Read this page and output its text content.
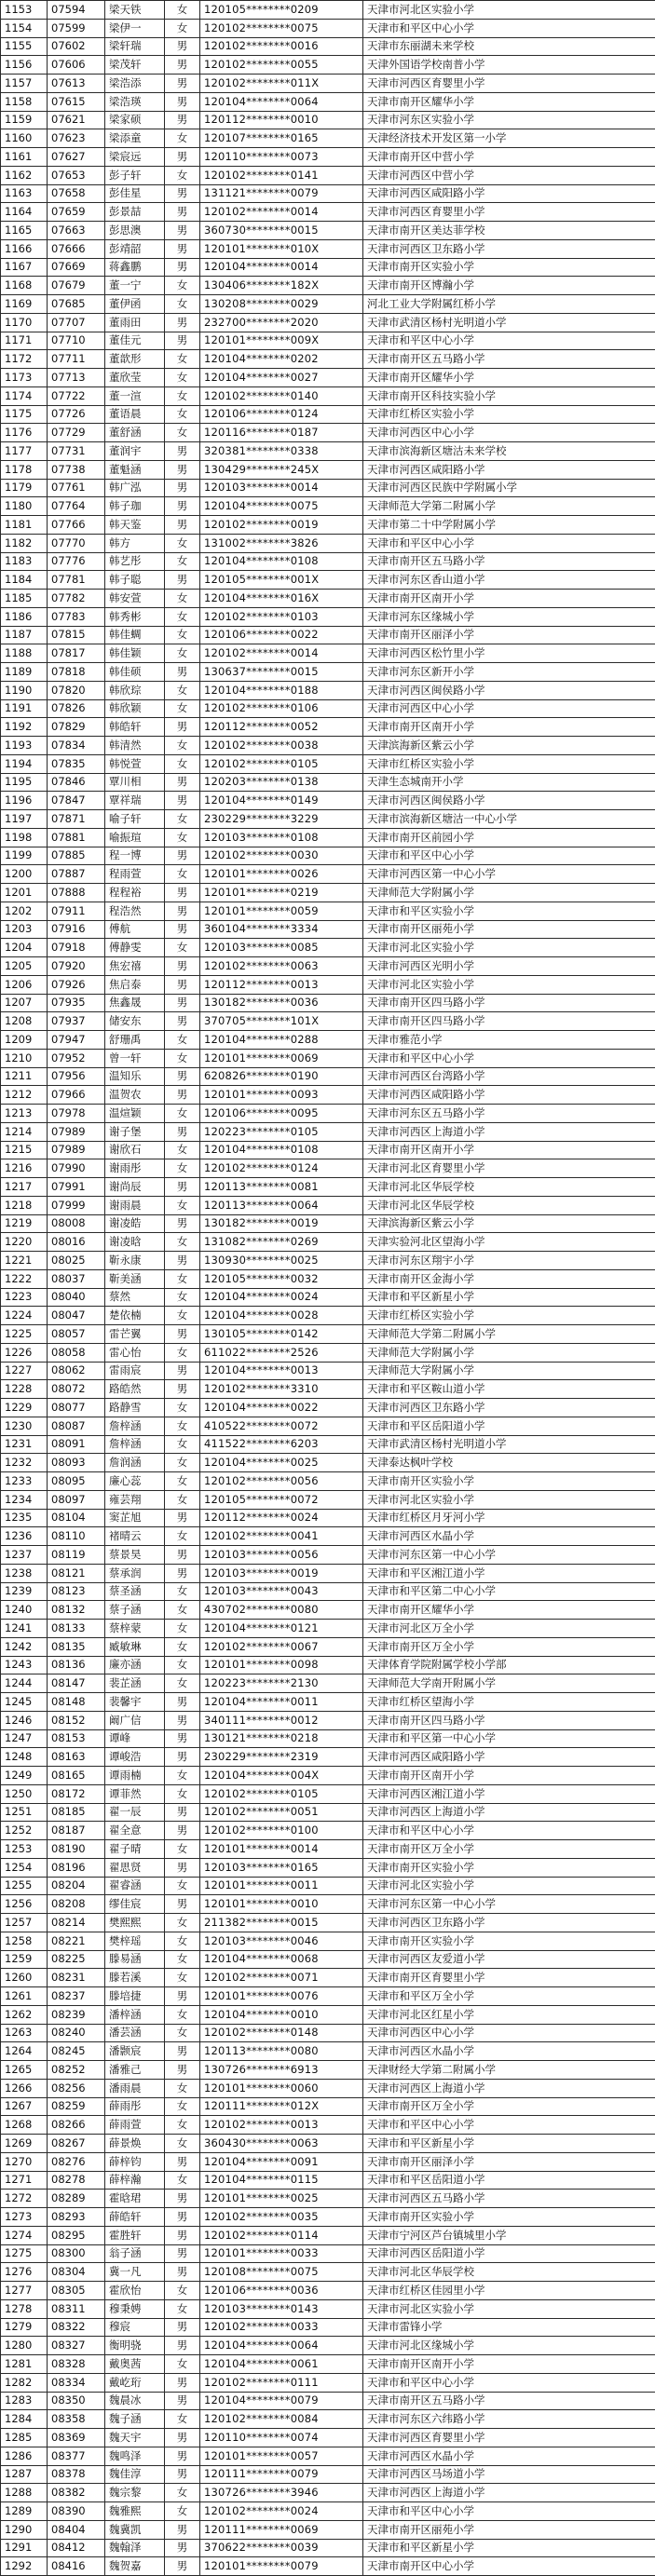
1153	07594	梁天铁	女	120105********0209	天津市河北区实验小学
1154	07599	梁伊一	女	120102********0075	天津市和平区中心小学
1155	07602	梁轩瑞	男	120102********0016	天津市东丽湖未来学校
1156	07606	梁茂轩	男	120102********0055	天津外国语学校南普小学
1157	07613	梁浩添	男	120102********011X	天津市河西区育婴里小学
1158	07615	梁浩瑛	男	120104********0064	天津市南开区耀华小学
1159	07621	梁家硕	男	120112********0010	天津市河东区实验小学
1160	07623	梁添童	女	120107********0165	天津经济技术开发区第一小学
1161	07627	梁宸远	男	120110********0073	天津市南开区中营小学
1162	07653	彭子轩	女	120102********0141	天津市河西区中营小学
1163	07658	彭佳星	男	131121********0079	天津市河西区咸阳路小学
1164	07659	彭景喆	男	120102********0014	天津市河西区育婴里小学
1165	07663	彭思澳	男	360730********0015	天津市南开区美达菲学校
1166	07666	彭靖韶	男	120101********010X	天津市河西区卫东路小学
1167	07669	蒋鑫鹏	男	120104********0014	天津市南开区实验小学
1168	07679	董一宁	女	130406********182X	天津市南开区博瀚小学
1169	07685	董伊函	女	130208********0029	河北工业大学附属红桥小学
1170	07707	董雨田	男	232700********2020	天津市武清区杨村光明道小学
1171	07710	董佳元	男	120101********009X	天津市和平区中心小学
1172	07711	董歆形	女	120104********0202	天津市南开区五马路小学
1173	07713	董欣莹	女	120104********0027	天津市南开区耀华小学
1174	07722	董一渲	女	120102********0140	天津市南开区科技实验小学
1175	07726	董语晨	女	120106********0124	天津市红桥区实验小学
1176	07729	董舒涵	女	120116********0187	天津市河西区中心小学
1177	07731	董润宇	男	320381********0338	天津市滨海新区塘沽未来学校
1178	07738	董魁涵	男	130429********245X	天津市河西区咸阳路小学
1179	07761	韩广泓	男	120103********0014	天津市河西区民族中学附属小学
1180	07764	韩子珈	男	120104********0075	天津师范大学第二附属小学
1181	07766	韩天鉴	男	120102********0019	天津市第二十中学附属小学
1182	07770	韩方	女	131002********3826	天津市和平区中心小学
1183	07776	韩艺彤	女	120104********0108	天津市南开区五马路小学
1184	07781	韩子聪	男	120105********001X	天津市河东区香山道小学
1185	07782	韩安萱	女	120104********016X	天津市南开区南开小学
1186	07783	韩秀彬	女	120102********0103	天津市河东区缘城小学
1187	07815	韩佳蜩	女	120106********0022	天津市南开区丽泽小学
1188	07817	韩佳颖	女	120102********0014	天津市河西区松竹里小学
1189	07818	韩佳硕	男	130637********0015	天津市河东区新开小学
1190	07820	韩欣琮	女	120104********0188	天津市河西区闽侯路小学
1191	07826	韩欣颖	女	120102********0106	天津市河西区中心小学
1192	07829	韩皓轩	男	120112********0052	天津市南开区南开小学
1193	07834	韩清然	女	120102********0038	天津滨海新区紫云小学
1194	07835	韩悦萱	女	120102********0105	天津市红桥区实验小学
1195	07846	覃川相	男	120203********0138	天津生态城南开小学
1196	07847	覃祥瑞	男	120104********0149	天津市河西区闽侯路小学
1197	07871	喻子轩	女	230229********3229	天津市滨海新区塘沽一中心小学
1198	07881	喻振瑄	女	120103********0108	天津市南开区前园小学
1199	07885	程一博	男	120102********0030	天津市和平区中心小学
1200	07887	程雨萱	女	120101********0026	天津市河西区第一中心小学
1201	07888	程程裕	男	120101********0219	天津师范大学附属小学
1202	07911	程浩然	男	120101********0059	天津市和平区实验小学
1203	07916	傅航	男	360104********3334	天津市南开区丽苑小学
1204	07918	傅静雯	女	120103********0085	天津市河北区实验小学
1205	07920	焦宏禧	男	120102********0063	天津市河西区光明小学
1206	07926	焦启泰	男	120112********0013	天津市河北区实验小学
1207	07935	焦鑫晟	男	130182********0036	天津市南开区四马路小学
1208	07937	储安东	男	370705********101X	天津市南开区四马路小学
1209	07947	舒珊禹	女	120104********0288	天津市雅范小学
1210	07952	曾一轩	女	120101********0069	天津市和平区中心小学
1211	07956	温知乐	男	620826********0190	天津市河西区台湾路小学
1212	07966	温贺农	男	120101********0093	天津市河西区咸阳路小学
1213	07978	温煊颖	女	120106********0095	天津市河东区五马路小学
1214	07989	谢子堡	男	120223********0105	天津市河西区上海道小学
1215	07989	谢欣石	女	120104********0108	天津市南开区南开小学
1216	07990	谢雨彤	女	120102********0124	天津市河北区育婴里小学
1217	07991	谢尚辰	男	120113********0081	天津市河北区华辰学校
1218	07999	谢雨晨	女	120113********0064	天津市河北区华辰学校
1219	08008	谢凌皓	男	130182********0019	天津滨海新区紫云小学
1220	08016	谢凌晗	女	131082********0269	天津实验河北区望海小学
1221	08025	靳永康	男	130930********0025	天津市河东区翔宇小学
1222	08037	靳美涵	女	120105********0032	天津市南开区金海小学
1223	08040	蔡然	女	120104********0024	天津市和平区新星小学
1224	08047	楚依楠	女	120104********0028	天津市红桥区实验小学
1225	08057	雷芒翼	男	130105********0142	天津师范大学第二附属小学
1226	08058	雷心怡	女	611022********2526	天津师范大学附属小学
1227	08062	雷雨宸	男	120104********0013	天津师范大学附属小学
1228	08072	路皓然	男	120102********3310	天津市和平区鞍山道小学
1229	08077	路静雪	女	120104********0022	天津市河西区卫东路小学
1230	08087	詹梓涵	女	410522********0072	天津市和平区岳阳道小学
1231	08091	詹梓涵	女	411522********6203	天津市武清区杨村光明道小学
1232	08093	詹润涵	女	120104********0025	天津泰达枫叶学校
1233	08095	廉心蕊	女	120102********0056	天津市南开区实验小学
1234	08097	雍芸翔	女	120105********0072	天津市河北区实验小学
1235	08104	窦芷旭	男	120112********0024	天津市红桥区月牙河小学
1236	08110	褚晴云	女	120102********0041	天津市河西区水晶小学
1237	08119	蔡景昊	男	120103********0056	天津市河东区第一中心小学
1238	08121	蔡承润	男	120103********0019	天津市和平区湘江道小学
1239	08123	蔡圣涵	女	120103********0043	天津市和平区第二中心小学
1240	08132	蔡子涵	女	430702********0080	天津市南开区耀华小学
1241	08133	蔡梓蒙	女	120104********0121	天津市河北区万全小学
1242	08135	臧敏琳	女	120102********0067	天津市南开区万全小学
1243	08136	廉亦涵	女	120101********0098	天津体育学院附属学校小学部
1244	08147	裴芷涵	女	120223********2130	天津师范大学南开附属小学
1245	08148	裴馨宇	男	120104********0011	天津市红桥区望海小学
1246	08152	阚广信	男	340111********0012	天津市南开区四马路小学
1247	08153	谭峰	男	130121********0218	天津市和平区第一中心小学
1248	08163	谭峻浩	男	230229********2319	天津市河西区咸阳路小学
1249	08165	谭雨楠	女	120104********004X	天津市南开区南开小学
1250	08172	谭菲然	女	120102********0105	天津市河西区湘江道小学
1251	08185	翟一辰	男	120102********0051	天津市河西区上海道小学
1252	08187	翟全意	男	120102********0100	天津市和平区中心小学
1253	08190	翟子晴	女	120101********0014	天津市南开区万全小学
1254	08196	翟思贤	男	120103********0165	天津市南开区实验小学
1255	08204	翟睿涵	女	120101********0011	天津市河北区实验小学
1256	08208	缪佳宸	男	120101********0010	天津市河东区第一中心小学
1257	08214	樊熙熙	女	211382********0015	天津市河西区卫东路小学
1258	08221	樊梓瑶	女	120103********0046	天津市南开区实验小学
1259	08225	滕易涵	女	120104********0068	天津市河西区友爱道小学
1260	08231	滕若溪	女	120102********0071	天津市南开区育婴里小学
1261	08237	滕培捷	男	120101********0076	天津市和平区万全小学
1262	08239	潘梓涵	女	120104********0010	天津市河北区红星小学
1263	08240	潘芸涵	女	120102********0148	天津市河西区中心小学
1264	08245	潘颢宸	男	120113********0080	天津市河西区水晶小学
1265	08252	潘雅己	男	130726********6913	天津财经大学第二附属小学
1266	08256	潘雨晨	女	120101********0060	天津市河西区上海道小学
1267	08259	薛雨彤	女	120111********012X	天津市南开区万全小学
1268	08266	薛雨萱	女	120102********0013	天津市和平区中心小学
1269	08267	薛景焕	女	360430********0063	天津市和平区新星小学
1270	08276	薛梓钧	男	120104********0091	天津市南开区丽泽小学
1271	08278	薛梓瀚	女	120104********0115	天津市和平区岳阳道小学
1272	08289	霍晗珺	男	120101********0025	天津市河西区五马路小学
1273	08293	薛皓轩	男	120102********0035	天津市南开区实验小学
1274	08295	霍胜轩	男	120102********0114	天津市宁河区芦台镇城里小学
1275	08300	翁子涵	男	120101********0033	天津市河西区岳阳道小学
1276	08304	冀一凡	男	120108********0075	天津市河北区华辰学校
1277	08305	霍欣怡	女	120106********0036	天津市红桥区佳园里小学
1278	08311	穆秉娉	女	120103********0143	天津市河北区实验小学
1279	08322	穆宸	男	120102********0033	天津市雷锋小学
1280	08327	衡明骁	男	120104********0064	天津市河北区缘城小学
1281	08328	戴奥茜	女	120104********0061	天津市南开区南开小学
1282	08334	戴屹珩	男	120102********0111	天津市和平区中心小学
1283	08350	魏晨冰	男	120104********0079	天津市南开区五马路小学
1284	08358	魏子涵	女	120102********0084	天津市河东区六纬路小学
1285	08369	魏天宇	男	120110********0074	天津市河西区育婴里小学
1286	08377	魏鸣泽	男	120101********0057	天津市河西区水晶小学
1287	08378	魏佳淳	男	120111********0079	天津市河西区马场道小学
1288	08382	魏宗黎	女	130726********3946	天津市河西区上海道小学
1289	08390	魏雅熙	女	120102********0024	天津市和平区中心小学
1290	08404	魏冀凯	男	120111********0069	天津市南开区丽苑小学
1291	08412	魏翰泽	男	370622********0039	天津市和平区新星小学
1292	08416	魏贺嘉	男	120101********0079	天津市南开区中心小学
